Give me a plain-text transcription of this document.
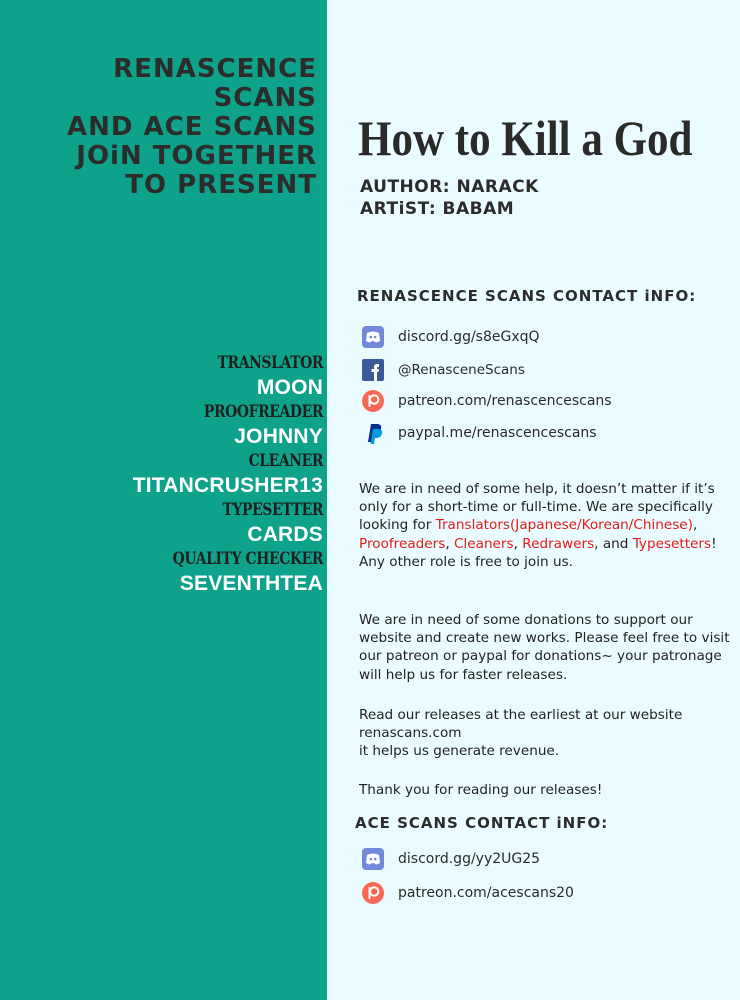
RENASCENCE SCANS
AND ACE SCANS
JOiN TOGETHER
TO PRESENT
TRANSLATOR
MOON
PROOFREADER
JOHNNY
CLEANER
TITANCRUSHER13
TYPESETTER
CARDS
QUALITY CHECKER
SEVENTHTEA
How to Kill a God
AUTHOR: NARACK
ARTiST: BABAM
RENASCENCE SCANS CONTACT iNFO:
discord.gg/s8eGxqQ
@RenasceneScans
patreon.com/renascencescans
paypal.me/renascencescans
We are in need of some help, it doesn’t matter if it’s only for a short-time or full-time. We are specifically looking for Translators(Japanese/Korean/Chinese), Proofreaders, Cleaners, Redrawers, and Typesetters! Any other role is free to join us.
We are in need of some donations to support our website and create new works. Please feel free to visit our patreon or paypal for donations~ your patronage will help us for faster releases.
Read our releases at the earliest at our website
renascans.com
it helps us generate revenue.
Thank you for reading our releases!
ACE SCANS CONTACT iNFO:
discord.gg/yy2UG25
patreon.com/acescans20
